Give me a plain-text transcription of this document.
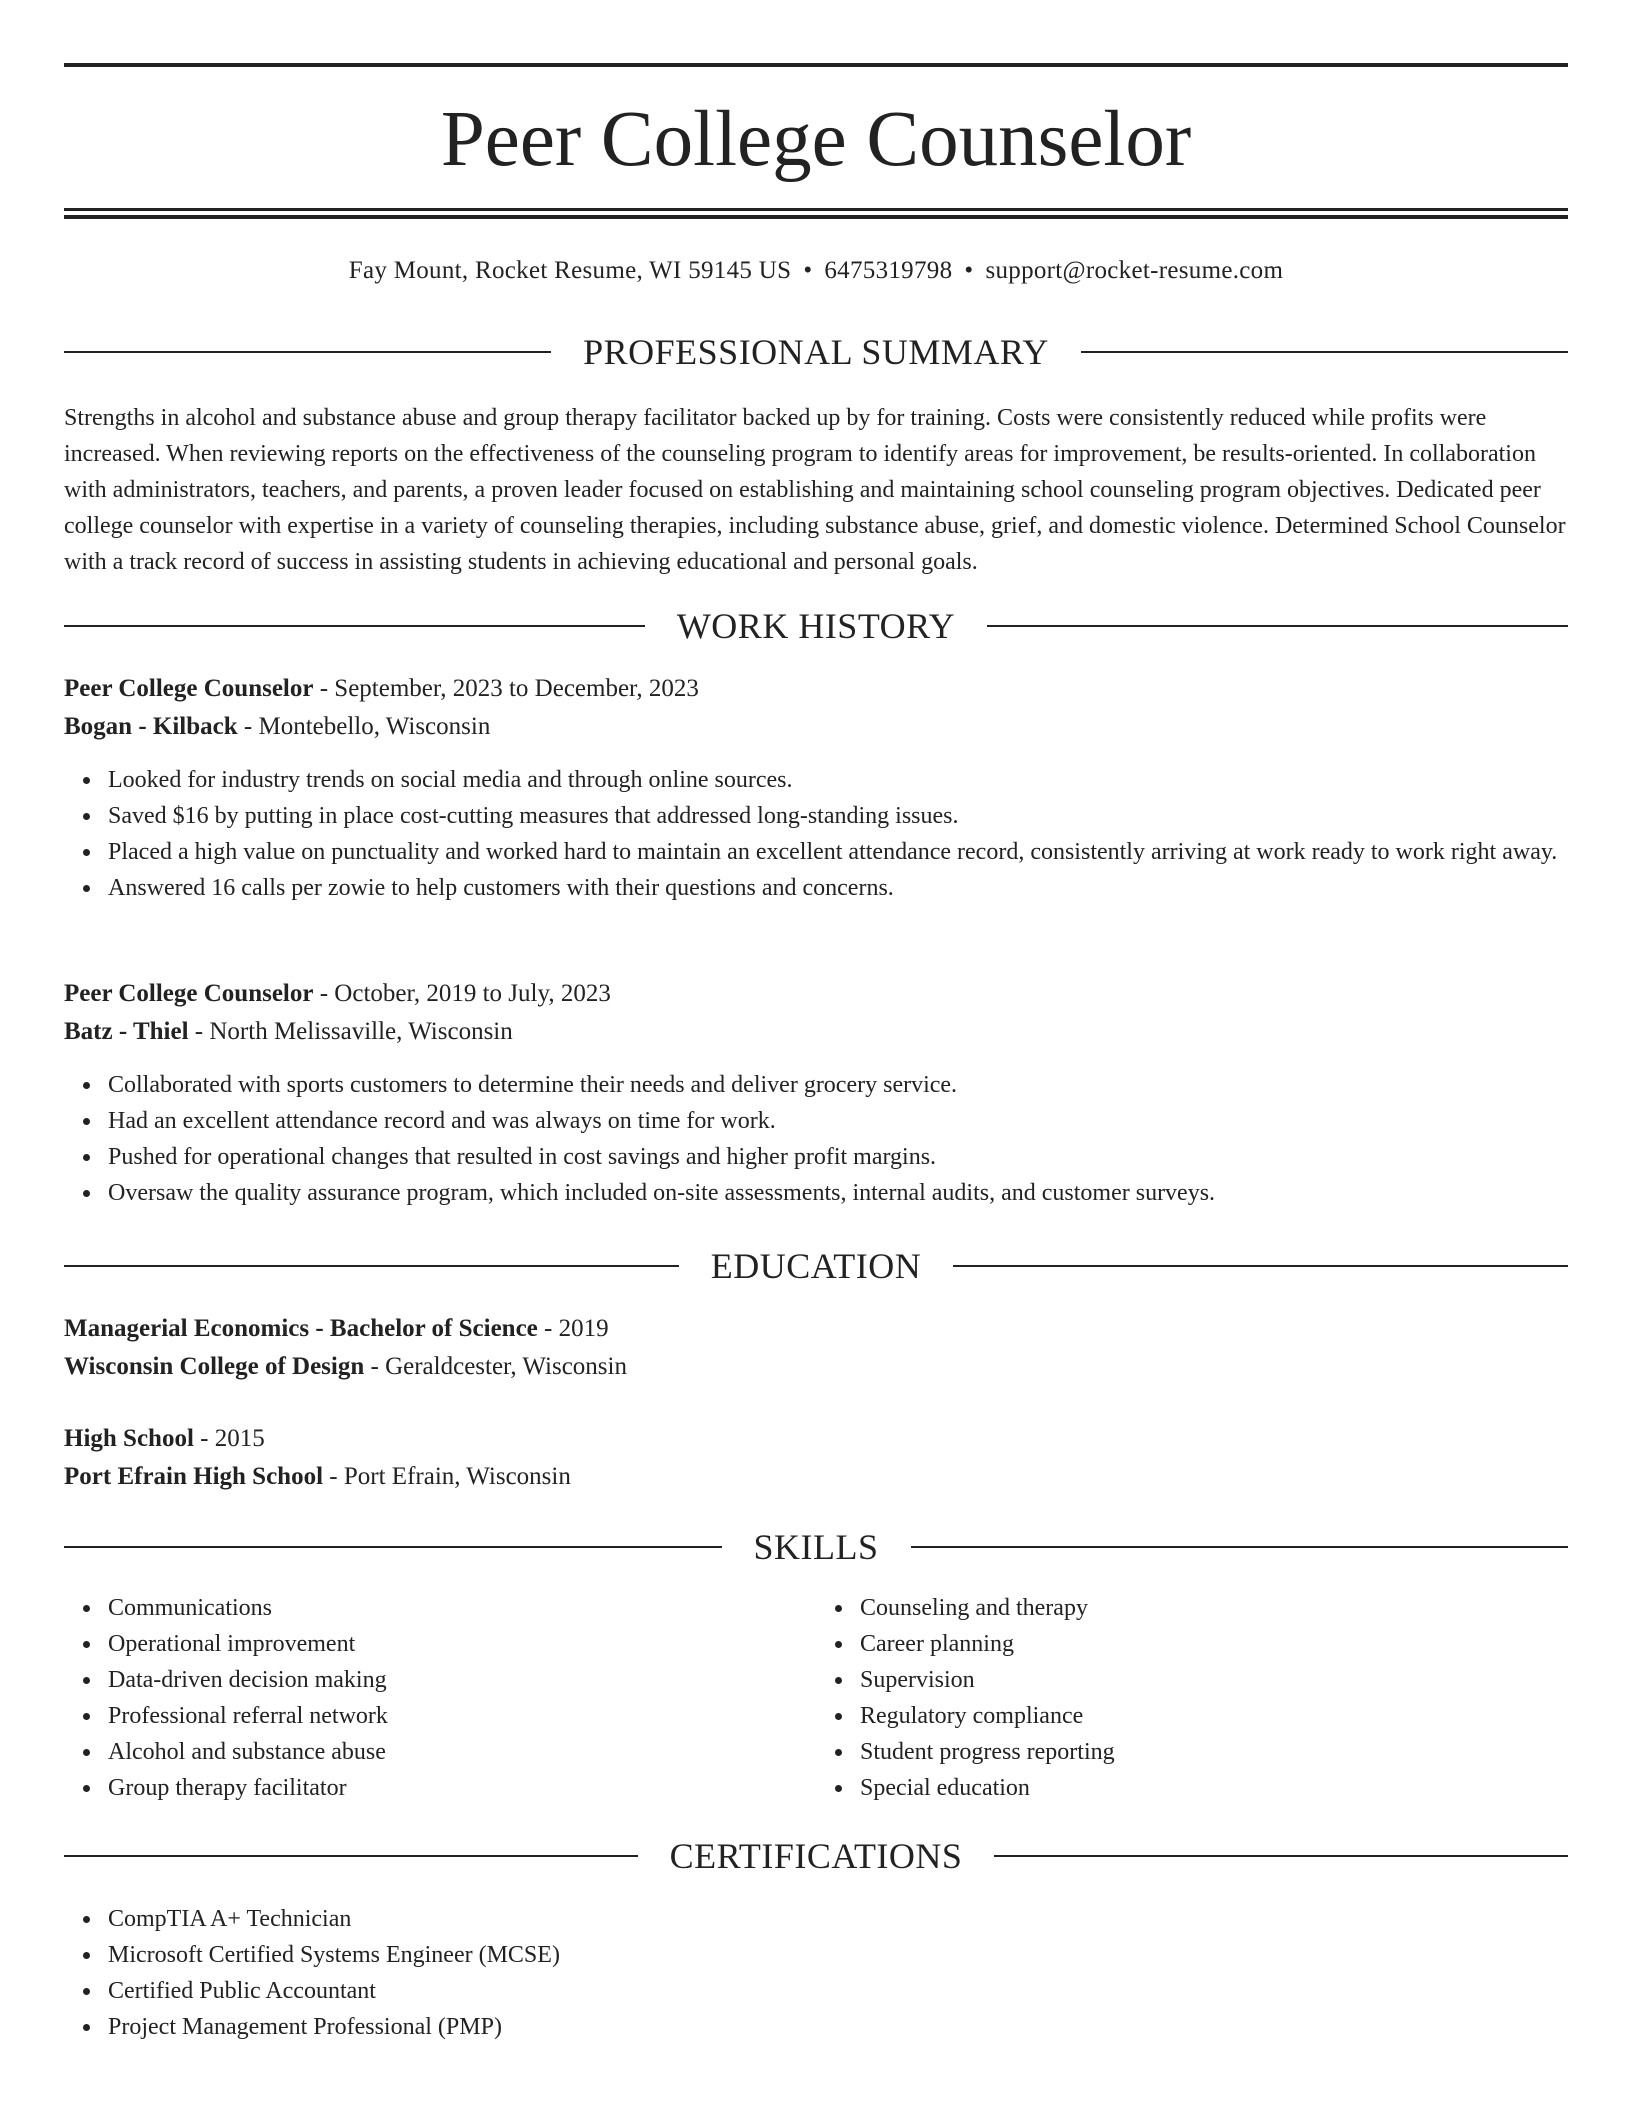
Peer College Counselor
Fay Mount, Rocket Resume, WI 59145 US • 6475319798 • support@rocket-resume.com
PROFESSIONAL SUMMARY
Strengths in alcohol and substance abuse and group therapy facilitator backed up by for training. Costs were consistently reduced while profits were increased. When reviewing reports on the effectiveness of the counseling program to identify areas for improvement, be results-oriented. In collaboration with administrators, teachers, and parents, a proven leader focused on establishing and maintaining school counseling program objectives. Dedicated peer college counselor with expertise in a variety of counseling therapies, including substance abuse, grief, and domestic violence. Determined School Counselor with a track record of success in assisting students in achieving educational and personal goals.
WORK HISTORY
Peer College Counselor - September, 2023 to December, 2023
Bogan - Kilback - Montebello, Wisconsin
Looked for industry trends on social media and through online sources.
Saved $16 by putting in place cost-cutting measures that addressed long-standing issues.
Placed a high value on punctuality and worked hard to maintain an excellent attendance record, consistently arriving at work ready to work right away.
Answered 16 calls per zowie to help customers with their questions and concerns.
Peer College Counselor - October, 2019 to July, 2023
Batz - Thiel - North Melissaville, Wisconsin
Collaborated with sports customers to determine their needs and deliver grocery service.
Had an excellent attendance record and was always on time for work.
Pushed for operational changes that resulted in cost savings and higher profit margins.
Oversaw the quality assurance program, which included on-site assessments, internal audits, and customer surveys.
EDUCATION
Managerial Economics - Bachelor of Science - 2019
Wisconsin College of Design - Geraldcester, Wisconsin
High School - 2015
Port Efrain High School - Port Efrain, Wisconsin
SKILLS
Communications
Operational improvement
Data-driven decision making
Professional referral network
Alcohol and substance abuse
Group therapy facilitator
Counseling and therapy
Career planning
Supervision
Regulatory compliance
Student progress reporting
Special education
CERTIFICATIONS
CompTIA A+ Technician
Microsoft Certified Systems Engineer (MCSE)
Certified Public Accountant
Project Management Professional (PMP)
